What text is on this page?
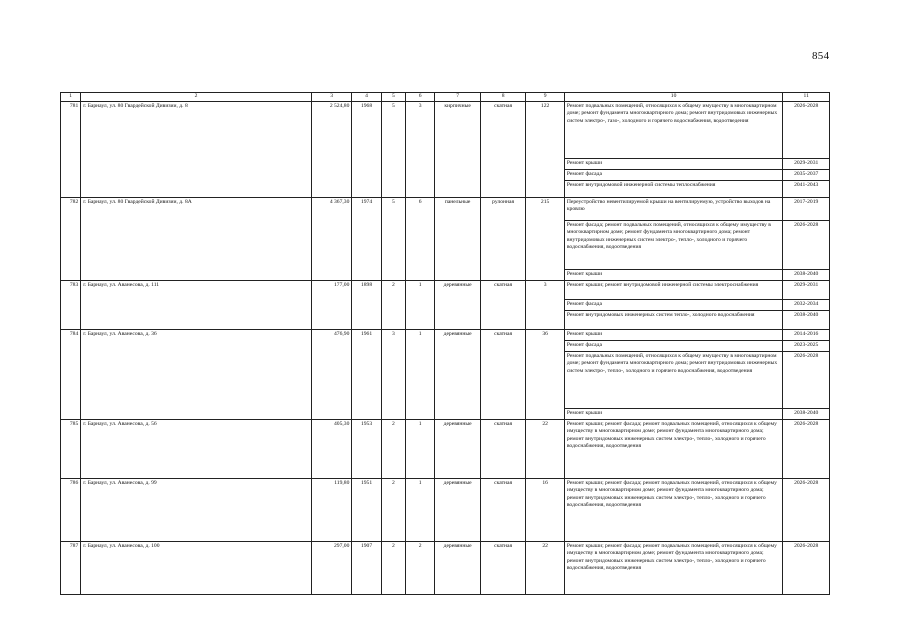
854
1	2	3	4	5	6	7	8	9	10	11
781	г. Барнаул, ул. 80 Гвардейской Дивизии, д. 8	2 524,80	1968	5	3	кирпичные	скатная	122	Ремонт подвальных помещений, относящихся к общему имуществу в многоквартирном доме; ремонт фундамента многоквартирного дома; ремонт внутридомовых инженерных систем электро-, газо-, холодного и горячего водоснабжения, водоотведения	2026-2028
									Ремонт крыши	2029-2031
									Ремонт фасада	2035-2037
									Ремонт внутридомовой инженерной системы теплоснабжения	2041-2043
782	г. Барнаул, ул. 80 Гвардейской Дивизии, д. 8А	4 367,30	1974	5	6	панельные	рулонная	215	Переустройство невентилируемой крыши на вентилируемую, устройство выходов на кровлю	2017-2019
									Ремонт фасада; ремонт подвальных помещений, относящихся к общему имуществу в многоквартирном доме; ремонт фундамента многоквартирного дома; ремонт внутридомовых инженерных систем электро-, тепло-, холодного и горячего водоснабжения, водоотведения	2026-2028
									Ремонт крыши	2038-2040
783	г. Барнаул, ул. Аванесова, д. 111	177,00	1898	2	1	деревянные	скатная	3	Ремонт крыши; ремонт внутридомовой инженерной системы электроснабжения	2029-2031
									Ремонт фасада	2032-2034
									Ремонт внутридомовых инженерных систем тепло-, холодного водоснабжения	2038-2040
784	г. Барнаул, ул. Аванесова, д. 36	476,90	1961	3	1	деревянные	скатная	36	Ремонт крыши	2014-2016
									Ремонт фасада	2023-2025
									Ремонт подвальных помещений, относящихся к общему имуществу в многоквартирном доме; ремонт фундамента многоквартирного дома; ремонт внутридомовых инженерных систем электро-, тепло-, холодного и горячего водоснабжения, водоотведения	2026-2028
									Ремонт крыши	2038-2040
785	г. Барнаул, ул. Аванесова, д. 56	405,30	1953	2	1	деревянные	скатная	22	Ремонт крыши; ремонт фасада; ремонт подвальных помещений, относящихся к общему имуществу в многоквартирном доме; ремонт фундамента многоквартирного дома; ремонт внутридомовых инженерных систем электро-, тепло-, холодного и горячего водоснабжения, водоотведения	2026-2028
786	г. Барнаул, ул. Аванесова, д. 99	119,80	1951	2	1	деревянные	скатная	16	Ремонт крыши; ремонт фасада; ремонт подвальных помещений, относящихся к общему имуществу в многоквартирном доме; ремонт фундамента многоквартирного дома; ремонт внутридомовых инженерных систем электро-, тепло-, холодного и горячего водоснабжения, водоотведения	2026-2028
787	г. Барнаул, ул. Аванесова, д. 100	297,00	1907	2	2	деревянные	скатная	22	Ремонт крыши; ремонт фасада; ремонт подвальных помещений, относящихся к общему имуществу в многоквартирном доме; ремонт фундамента многоквартирного дома; ремонт внутридомовых инженерных систем электро-, тепло-, холодного и горячего водоснабжения, водоотведения	2026-2028
